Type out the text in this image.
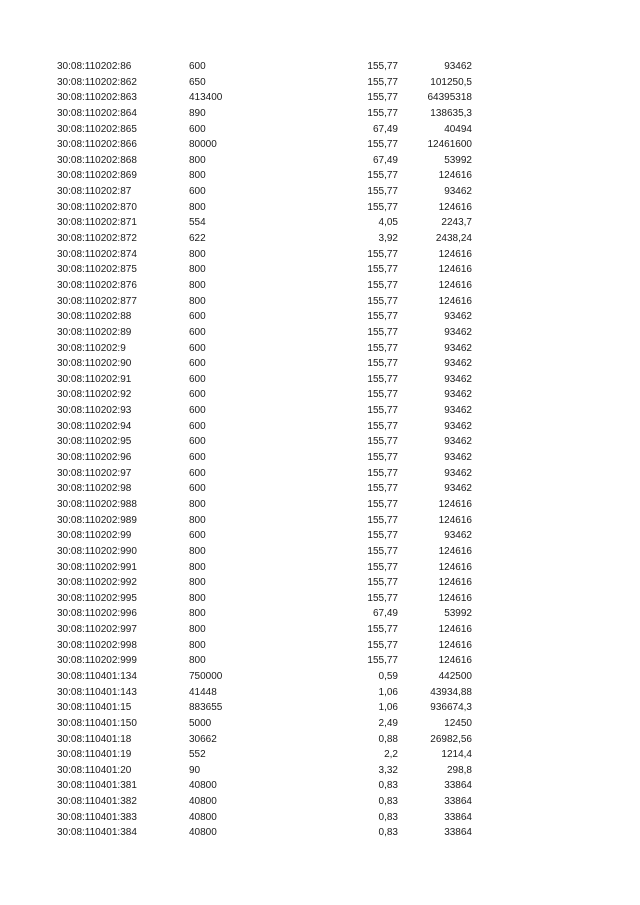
30:08:110202:86	600	155,77	93462
30:08:110202:862	650	155,77	101250,5
30:08:110202:863	413400	155,77	64395318
30:08:110202:864	890	155,77	138635,3
30:08:110202:865	600	67,49	40494
30:08:110202:866	80000	155,77	12461600
30:08:110202:868	800	67,49	53992
30:08:110202:869	800	155,77	124616
30:08:110202:87	600	155,77	93462
30:08:110202:870	800	155,77	124616
30:08:110202:871	554	4,05	2243,7
30:08:110202:872	622	3,92	2438,24
30:08:110202:874	800	155,77	124616
30:08:110202:875	800	155,77	124616
30:08:110202:876	800	155,77	124616
30:08:110202:877	800	155,77	124616
30:08:110202:88	600	155,77	93462
30:08:110202:89	600	155,77	93462
30:08:110202:9	600	155,77	93462
30:08:110202:90	600	155,77	93462
30:08:110202:91	600	155,77	93462
30:08:110202:92	600	155,77	93462
30:08:110202:93	600	155,77	93462
30:08:110202:94	600	155,77	93462
30:08:110202:95	600	155,77	93462
30:08:110202:96	600	155,77	93462
30:08:110202:97	600	155,77	93462
30:08:110202:98	600	155,77	93462
30:08:110202:988	800	155,77	124616
30:08:110202:989	800	155,77	124616
30:08:110202:99	600	155,77	93462
30:08:110202:990	800	155,77	124616
30:08:110202:991	800	155,77	124616
30:08:110202:992	800	155,77	124616
30:08:110202:995	800	155,77	124616
30:08:110202:996	800	67,49	53992
30:08:110202:997	800	155,77	124616
30:08:110202:998	800	155,77	124616
30:08:110202:999	800	155,77	124616
30:08:110401:134	750000	0,59	442500
30:08:110401:143	41448	1,06	43934,88
30:08:110401:15	883655	1,06	936674,3
30:08:110401:150	5000	2,49	12450
30:08:110401:18	30662	0,88	26982,56
30:08:110401:19	552	2,2	1214,4
30:08:110401:20	90	3,32	298,8
30:08:110401:381	40800	0,83	33864
30:08:110401:382	40800	0,83	33864
30:08:110401:383	40800	0,83	33864
30:08:110401:384	40800	0,83	33864
